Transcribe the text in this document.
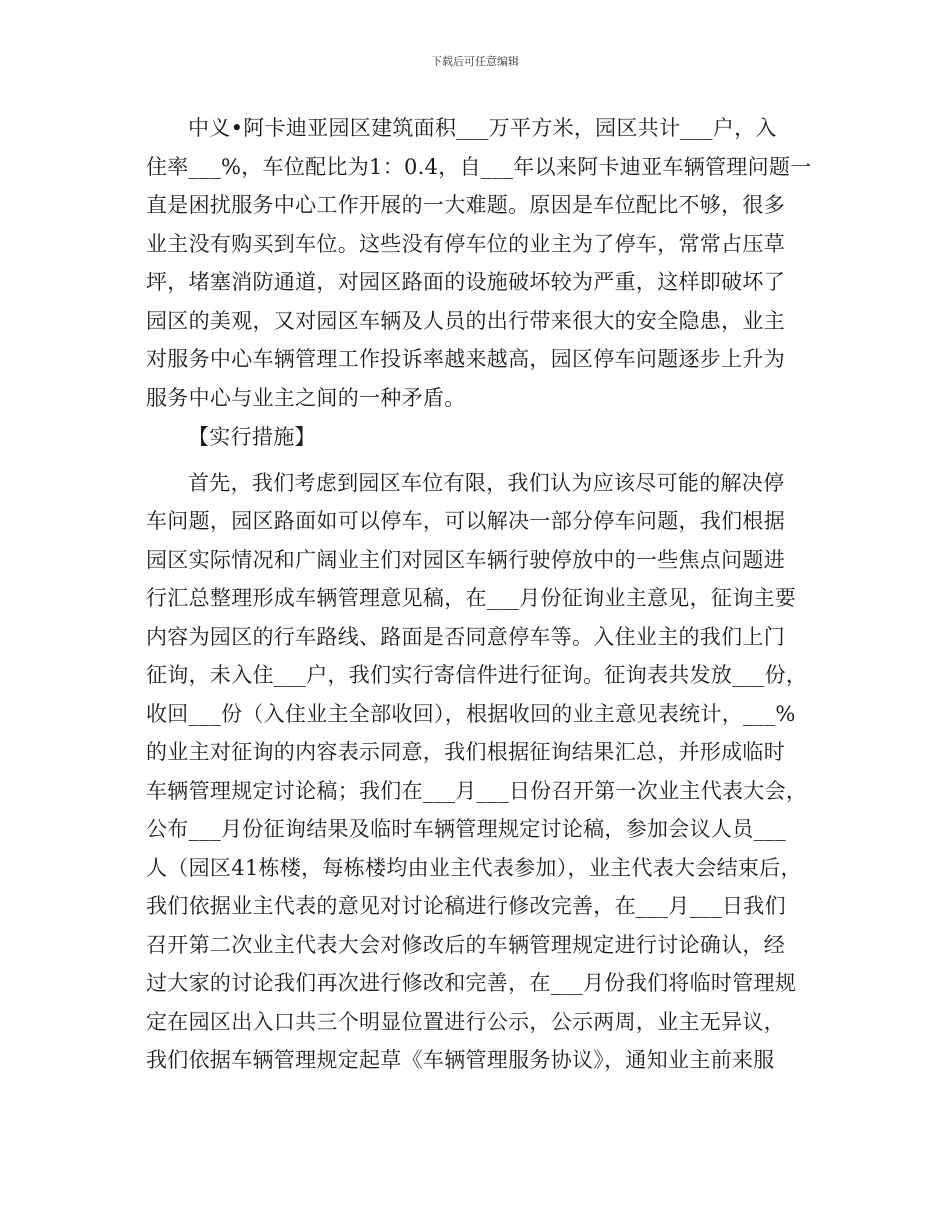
下载后可任意编辑
中义•阿卡迪亚园区建筑面积___万平方米，园区共计___户，入
住率___%，车位配比为1：0.4，自___年以来阿卡迪亚车辆管理问题一
直是困扰服务中心工作开展的一大难题。原因是车位配比不够，很多
业主没有购买到车位。这些没有停车位的业主为了停车，常常占压草
坪，堵塞消防通道，对园区路面的设施破坏较为严重，这样即破坏了
园区的美观，又对园区车辆及人员的出行带来很大的安全隐患，业主
对服务中心车辆管理工作投诉率越来越高，园区停车问题逐步上升为
服务中心与业主之间的一种矛盾。
【实行措施】
首先，我们考虑到园区车位有限，我们认为应该尽可能的解决停
车问题，园区路面如可以停车，可以解决一部分停车问题，我们根据
园区实际情况和广阔业主们对园区车辆行驶停放中的一些焦点问题进
行汇总整理形成车辆管理意见稿，在___月份征询业主意见，征询主要
内容为园区的行车路线、路面是否同意停车等。入住业主的我们上门
征询，未入住___户，我们实行寄信件进行征询。征询表共发放___份，
收回___份（入住业主全部收回），根据收回的业主意见表统计，___%
的业主对征询的内容表示同意，我们根据征询结果汇总，并形成临时
车辆管理规定讨论稿；我们在___月___日份召开第一次业主代表大会，
公布___月份征询结果及临时车辆管理规定讨论稿，参加会议人员___
人（园区41栋楼，每栋楼均由业主代表参加），业主代表大会结束后，
我们依据业主代表的意见对讨论稿进行修改完善，在___月___日我们
召开第二次业主代表大会对修改后的车辆管理规定进行讨论确认，经
过大家的讨论我们再次进行修改和完善，在___月份我们将临时管理规
定在园区出入口共三个明显位置进行公示，公示两周，业主无异议，
我们依据车辆管理规定起草《车辆管理服务协议》，通知业主前来服
